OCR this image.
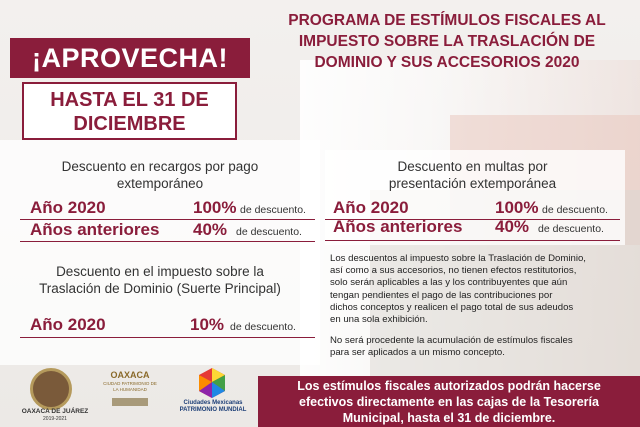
¡APROVECHA!
HASTA EL 31 DE
DICIEMBRE
PROGRAMA DE ESTÍMULOS FISCALES AL
IMPUESTO SOBRE LA TRASLACIÓN DE
DOMINIO Y SUS ACCESORIOS 2020
Descuento en recargos por pago
extemporáneo
Año 2020	100% de descuento.
Años anteriores 40% de descuento.
Descuento en multas por
presentación extemporánea
Año 2020	100% de descuento.
Años anteriores 40% de descuento.
Descuento en el impuesto sobre la
Traslación de Dominio (Suerte Principal)
Año 2020	10% de descuento.
Los descuentos al impuesto sobre la Traslación de Dominio,
así como a sus accesorios, no tienen efectos restitutorios,
solo serán aplicables a las y los contribuyentes que aún
tengan pendientes el pago de las contribuciones por
dichos conceptos y realicen el pago total de sus adeudos
en una sola exhibición.
No será procedente la acumulación de estímulos fiscales
para ser aplicados a un mismo concepto.
Los estímulos fiscales autorizados podrán hacerse
efectivos directamente en las cajas de la Tesorería
Municipal, hasta el 31 de diciembre.
OAXACA DE JUÁREZ
2019-2021
OAXACA
CIUDAD PATRIMONIO DE LA HUMANIDAD
Ciudades Mexicanas
PATRIMONIO MUNDIAL
